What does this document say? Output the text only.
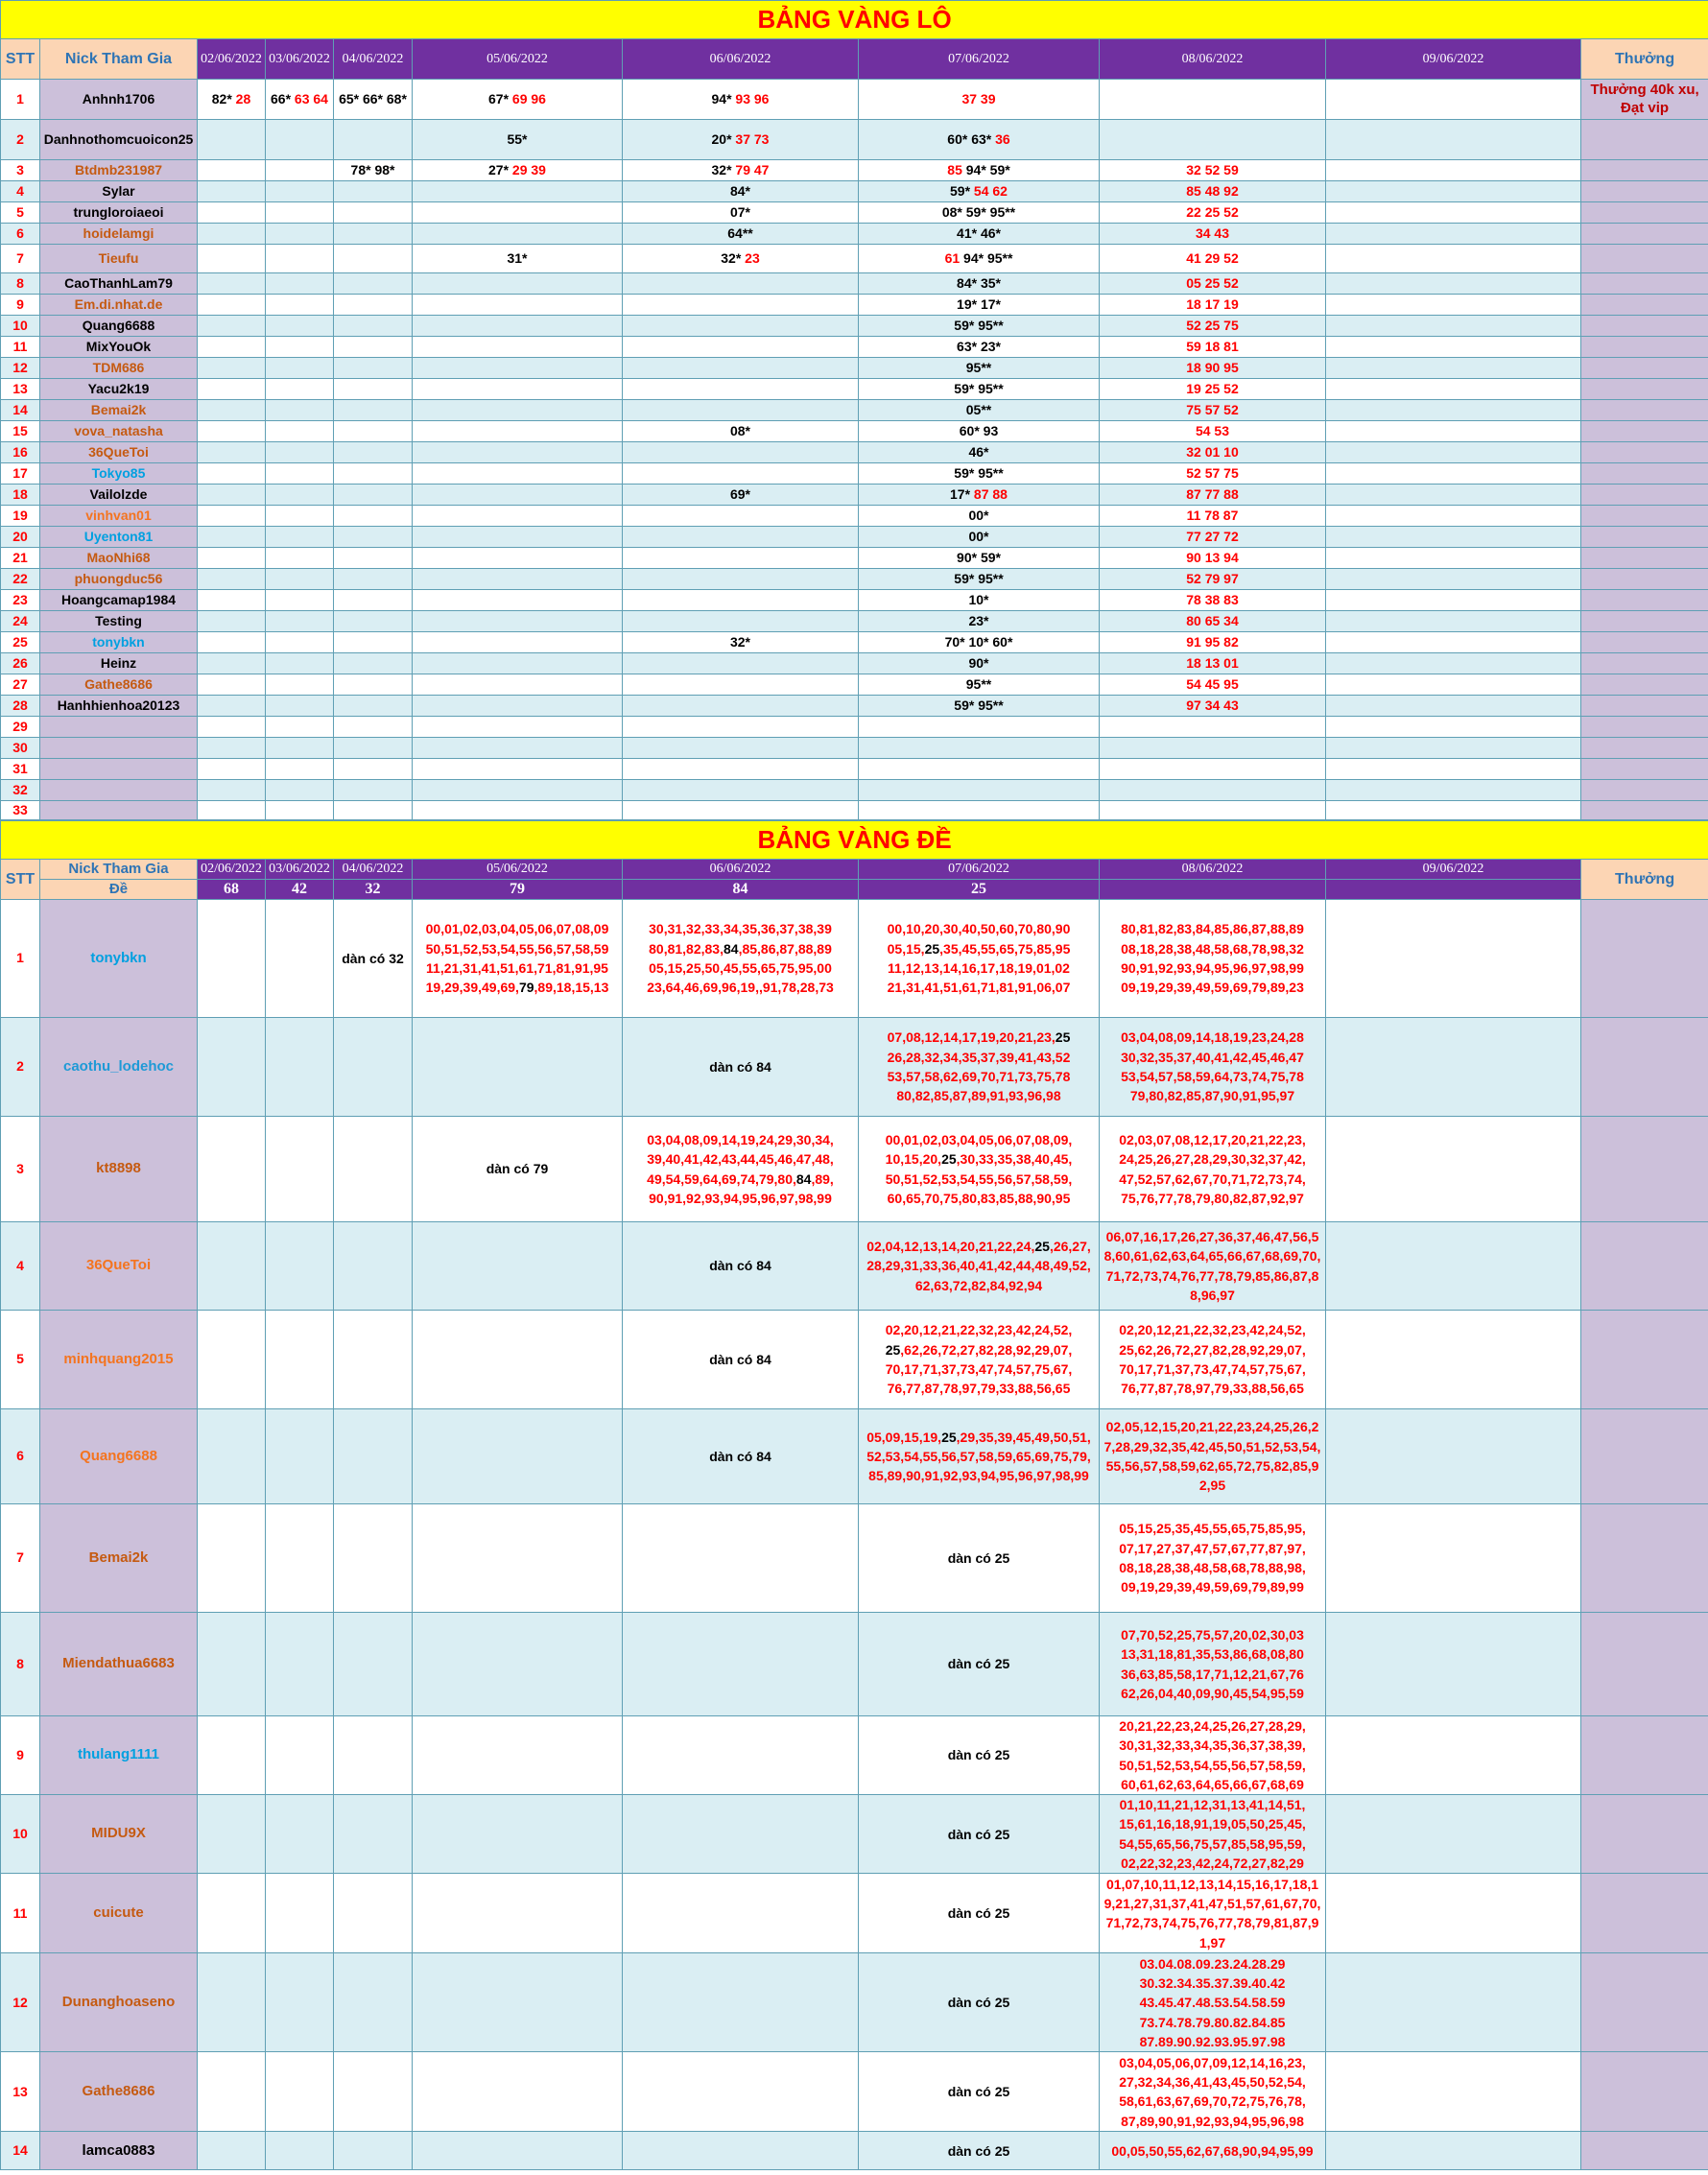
BẢNG VÀNG LÔ										
STT	Nick Tham Gia	02/06/2022	03/06/2022	04/06/2022	05/06/2022	06/06/2022	07/06/2022	08/06/2022	09/06/2022	Thưởng
1	Anhnh1706	82* 28	66* 63 64	65* 66* 68*	67* 69 96	94* 93 96	37 39			Thưởng 40k xu, Đạt vip
2	Danhnothomcuoicon25				55*	20* 37 73	60* 63* 36			
3	Btdmb231987			78* 98*	27* 29 39	32* 79 47	85 94* 59*	32 52 59		
4	Sylar					84*	59* 54 62	85 48 92		
5	trungloroiaeoi					07*	08* 59* 95**	22 25 52		
6	hoidelamgi					64**	41* 46*	34 43		
7	Tieufu				31*	32* 23	61 94* 95**	41 29 52		
8	CaoThanhLam79						84* 35*	05 25 52		
9	Em.di.nhat.de						19* 17*	18 17 19		
10	Quang6688						59* 95**	52 25 75		
11	MixYouOk						63* 23*	59 18 81		
12	TDM686						95**	18 90 95		
13	Yacu2k19						59* 95**	19 25 52		
14	Bemai2k						05**	75 57 52		
15	vova_natasha					08*	60* 93	54 53		
16	36QueToi						46*	32 01 10		
17	Tokyo85						59* 95**	52 57 75		
18	Vailolzde					69*	17* 87 88	87 77 88		
19	vinhvan01						00*	11 78 87		
20	Uyenton81						00*	77 27 72		
21	MaoNhi68						90* 59*	90 13 94		
22	phuongduc56						59* 95**	52 79 97		
23	Hoangcamap1984						10*	78 38 83		
24	Testing						23*	80 65 34		
25	tonybkn					32*	70* 10* 60*	91 95 82		
26	Heinz						90*	18 13 01		
27	Gathe8686						95**	54 45 95		
28	Hanhhienhoa20123						59* 95**	97 34 43		
29										
30										
31										
32										
33										
BẢNG VÀNG ĐỀ										
STT	Nick Tham Gia	02/06/2022	03/06/2022	04/06/2022	05/06/2022	06/06/2022	07/06/2022	08/06/2022	09/06/2022	Thưởng
	Đề	68	42	32	79	84	25			
1	tonybkn			dàn có 32	00,01,02,03,04,05,06,07,08,09 50,51,52,53,54,55,56,57,58,59 11,21,31,41,51,61,71,81,91,95 19,29,39,49,69,79,89,18,15,13	30,31,32,33,34,35,36,37,38,39 80,81,82,83,84,85,86,87,88,89 05,15,25,50,45,55,65,75,95,00 23,64,46,69,96,19,,91,78,28,73	00,10,20,30,40,50,60,70,80,90 05,15,25,35,45,55,65,75,85,95 11,12,13,14,16,17,18,19,01,02 21,31,41,51,61,71,81,91,06,07	80,81,82,83,84,85,86,87,88,89 08,18,28,38,48,58,68,78,98,32 90,91,92,93,94,95,96,97,98,99 09,19,29,39,49,59,69,79,89,23		
2	caothu_lodehoc					dàn có 84	07,08,12,14,17,19,20,21,23,25 26,28,32,34,35,37,39,41,43,52 53,57,58,62,69,70,71,73,75,78 80,82,85,87,89,91,93,96,98	03,04,08,09,14,18,19,23,24,28 30,32,35,37,40,41,42,45,46,47 53,54,57,58,59,64,73,74,75,78 79,80,82,85,87,90,91,95,97		
3	kt8898				dàn có 79	03,04,08,09,14,19,24,29,30,34, 39,40,41,42,43,44,45,46,47,48, 49,54,59,64,69,74,79,80,84,89, 90,91,92,93,94,95,96,97,98,99	00,01,02,03,04,05,06,07,08,09, 10,15,20,25,30,33,35,38,40,45, 50,51,52,53,54,55,56,57,58,59, 60,65,70,75,80,83,85,88,90,95	02,03,07,08,12,17,20,21,22,23, 24,25,26,27,28,29,30,32,37,42, 47,52,57,62,67,70,71,72,73,74, 75,76,77,78,79,80,82,87,92,97		
4	36QueToi					dàn có 84	02,04,12,13,14,20,21,22,24,25,26,27, 28,29,31,33,36,40,41,42,44,48,49,52, 62,63,72,82,84,92,94	06,07,16,17,26,27,36,37,46,47,56,5 8,60,61,62,63,64,65,66,67,68,69,70, 71,72,73,74,76,77,78,79,85,86,87,8 8,96,97		
5	minhquang2015					dàn có 84	02,20,12,21,22,32,23,42,24,52, 25,62,26,72,27,82,28,92,29,07, 70,17,71,37,73,47,74,57,75,67, 76,77,87,78,97,79,33,88,56,65	02,20,12,21,22,32,23,42,24,52, 25,62,26,72,27,82,28,92,29,07, 70,17,71,37,73,47,74,57,75,67, 76,77,87,78,97,79,33,88,56,65		
6	Quang6688					dàn có 84	05,09,15,19,25,29,35,39,45,49,50,51, 52,53,54,55,56,57,58,59,65,69,75,79, 85,89,90,91,92,93,94,95,96,97,98,99	02,05,12,15,20,21,22,23,24,25,26,2 7,28,29,32,35,42,45,50,51,52,53,54, 55,56,57,58,59,62,65,72,75,82,85,9 2,95		
7	Bemai2k						dàn có 25	05,15,25,35,45,55,65,75,85,95, 07,17,27,37,47,57,67,77,87,97, 08,18,28,38,48,58,68,78,88,98, 09,19,29,39,49,59,69,79,89,99		
8	Miendathua6683						dàn có 25	07,70,52,25,75,57,20,02,30,03 13,31,18,81,35,53,86,68,08,80 36,63,85,58,17,71,12,21,67,76 62,26,04,40,09,90,45,54,95,59		
9	thulang1111						dàn có 25	20,21,22,23,24,25,26,27,28,29, 30,31,32,33,34,35,36,37,38,39, 50,51,52,53,54,55,56,57,58,59, 60,61,62,63,64,65,66,67,68,69		
10	MIDU9X						dàn có 25	01,10,11,21,12,31,13,41,14,51, 15,61,16,18,91,19,05,50,25,45, 54,55,65,56,75,57,85,58,95,59, 02,22,32,23,42,24,72,27,82,29		
11	cuicute						dàn có 25	01,07,10,11,12,13,14,15,16,17,18,1 9,21,27,31,37,41,47,51,57,61,67,70, 71,72,73,74,75,76,77,78,79,81,87,9 1,97		
12	Dunanghoaseno						dàn có 25	03.04.08.09.23.24.28.29 30.32.34.35.37.39.40.42 43.45.47.48.53.54.58.59 73.74.78.79.80.82.84.85 87.89.90.92.93.95.97.98		
13	Gathe8686						dàn có 25	03,04,05,06,07,09,12,14,16,23, 27,32,34,36,41,43,45,50,52,54, 58,61,63,67,69,70,72,75,76,78, 87,89,90,91,92,93,94,95,96,98		
14	lamca0883						dàn có 25	00,05,50,55,62,67,68,90,94,95,99		
